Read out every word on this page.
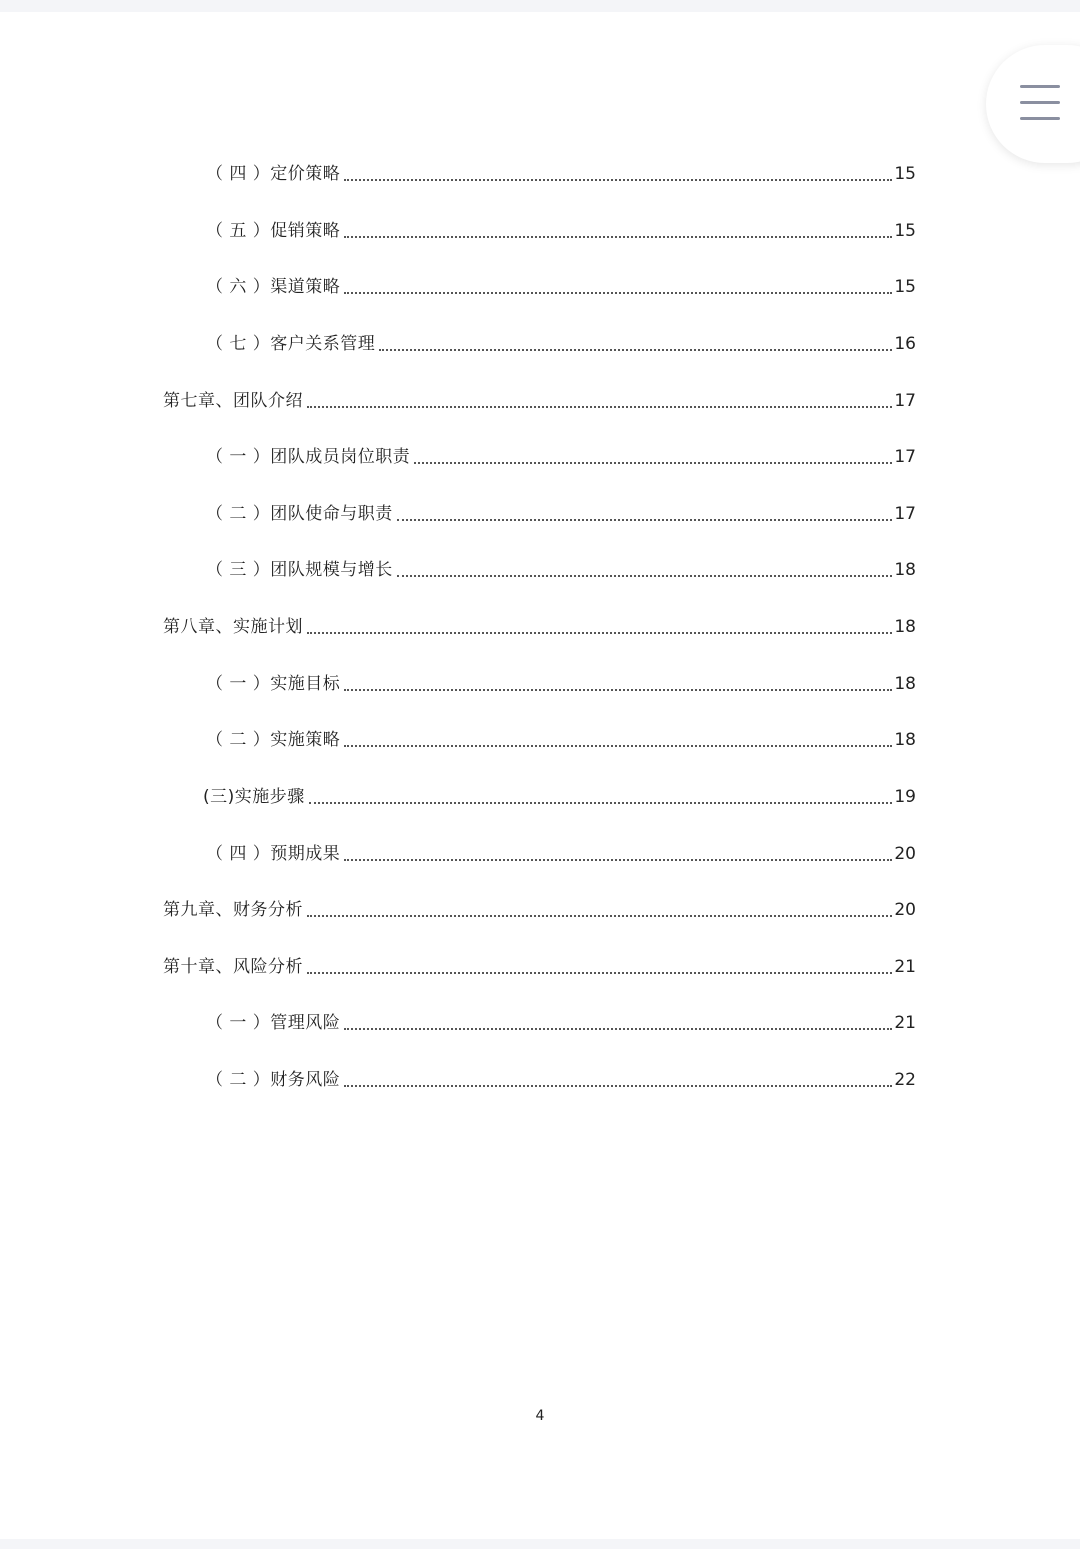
（ 四 ）定价策略	15
（ 五 ）促销策略	15
（ 六 ）渠道策略	15
（ 七 ）客户关系管理	16
第七章、团队介绍	17
（ 一 ）团队成员岗位职责	17
（ 二 ）团队使命与职责	17
（ 三 ）团队规模与增长	18
第八章、实施计划	18
（ 一 ）实施目标	18
（ 二 ）实施策略	18
(三)实施步骤	19
（ 四 ）预期成果	20
第九章、财务分析	20
第十章、风险分析	21
（ 一 ）管理风险	21
（ 二 ）财务风险	22
4
